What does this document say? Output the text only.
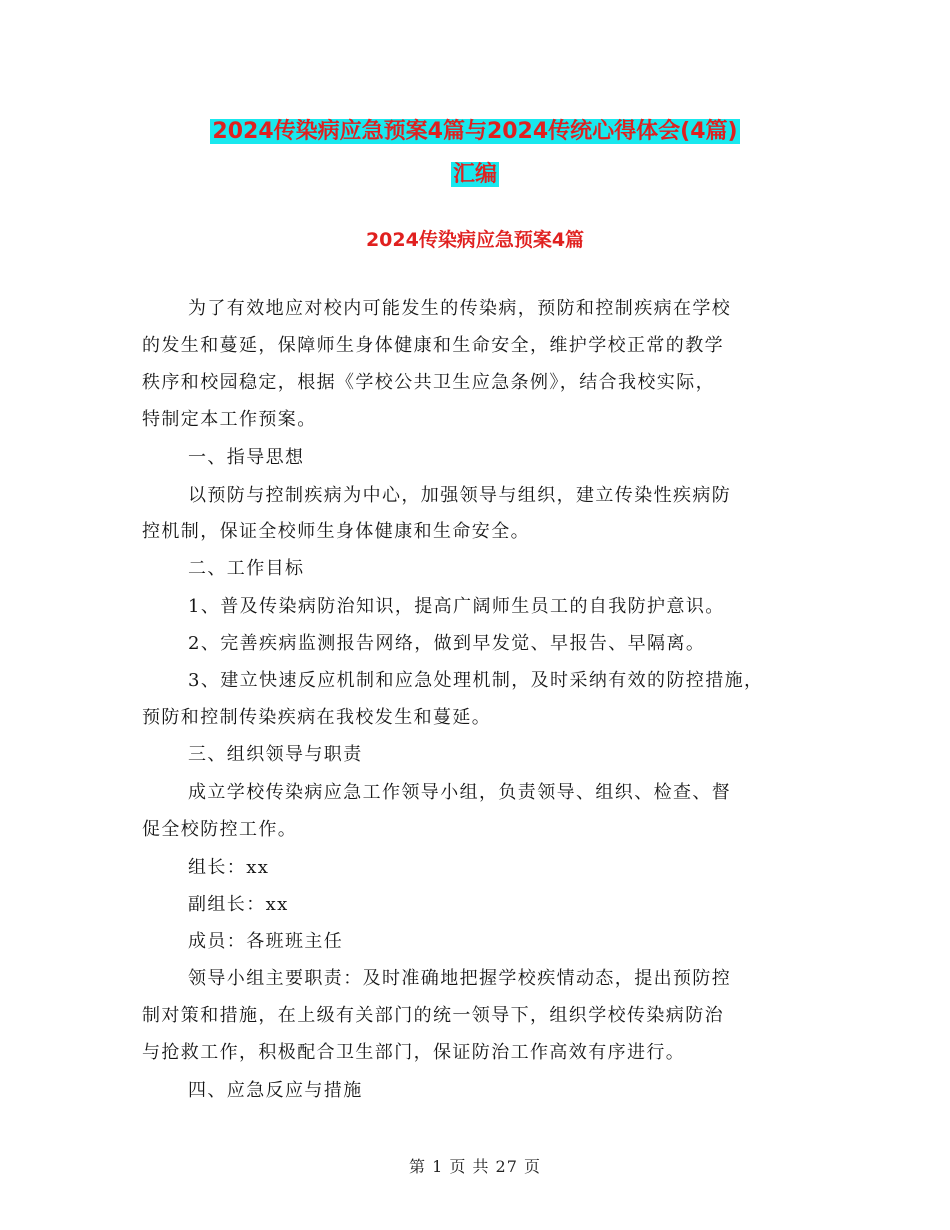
2024传染病应急预案4篇与2024传统心得体会(4篇)
汇编
2024传染病应急预案4篇
为了有效地应对校内可能发生的传染病，预防和控制疾病在学校
的发生和蔓延，保障师生身体健康和生命安全，维护学校正常的教学
秩序和校园稳定，根据《学校公共卫生应急条例》，结合我校实际，
特制定本工作预案。
一、指导思想
以预防与控制疾病为中心，加强领导与组织，建立传染性疾病防
控机制，保证全校师生身体健康和生命安全。
二、工作目标
1、普及传染病防治知识，提高广阔师生员工的自我防护意识。
2、完善疾病监测报告网络，做到早发觉、早报告、早隔离。
3、建立快速反应机制和应急处理机制，及时采纳有效的防控措施，
预防和控制传染疾病在我校发生和蔓延。
三、组织领导与职责
成立学校传染病应急工作领导小组，负责领导、组织、检查、督
促全校防控工作。
组长：xx
副组长：xx
成员：各班班主任
领导小组主要职责：及时准确地把握学校疾情动态，提出预防控
制对策和措施，在上级有关部门的统一领导下，组织学校传染病防治
与抢救工作，积极配合卫生部门，保证防治工作高效有序进行。
四、应急反应与措施
第 1 页 共 27 页
